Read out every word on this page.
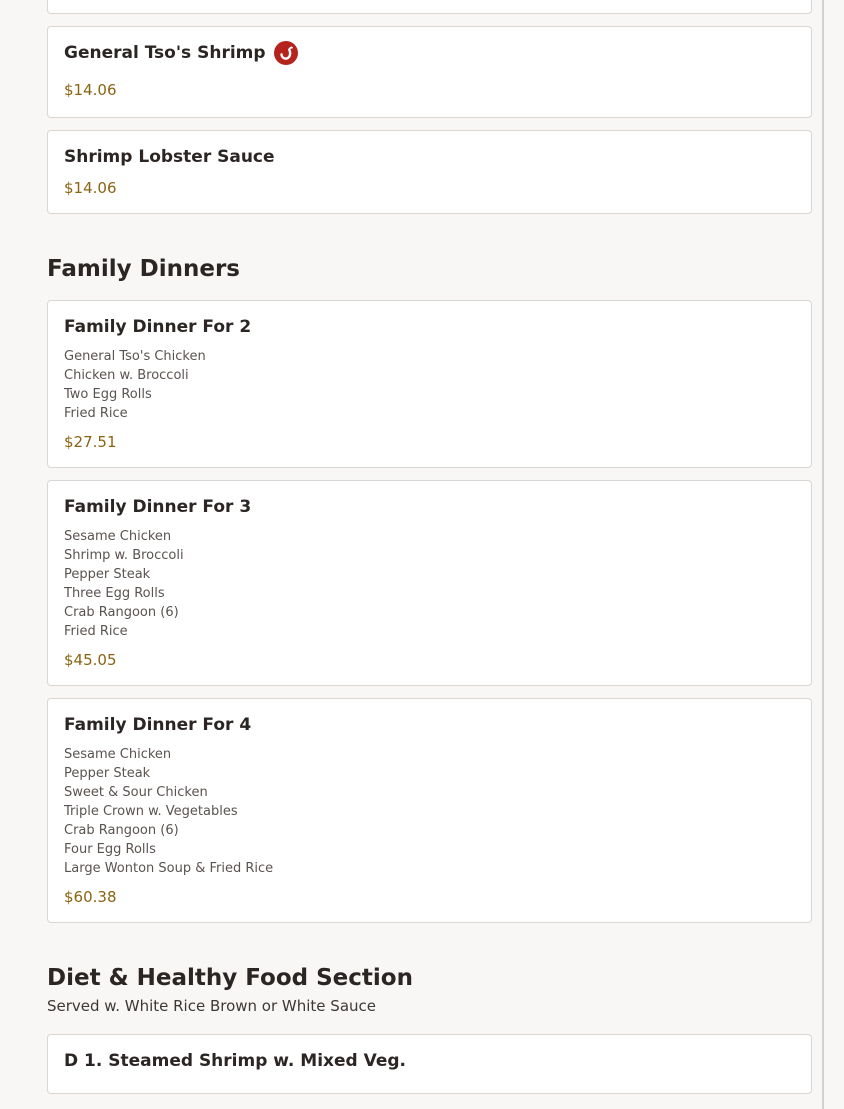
General Tso's Shrimp
$14.06
Shrimp Lobster Sauce
$14.06
Family Dinners
Family Dinner For 2
General Tso's Chicken
Chicken w. Broccoli
Two Egg Rolls
Fried Rice
$27.51
Family Dinner For 3
Sesame Chicken
Shrimp w. Broccoli
Pepper Steak
Three Egg Rolls
Crab Rangoon (6)
Fried Rice
$45.05
Family Dinner For 4
Sesame Chicken
Pepper Steak
Sweet & Sour Chicken
Triple Crown w. Vegetables
Crab Rangoon (6)
Four Egg Rolls
Large Wonton Soup & Fried Rice
$60.38
Diet & Healthy Food Section
Served w. White Rice Brown or White Sauce
D 1. Steamed Shrimp w. Mixed Veg.
